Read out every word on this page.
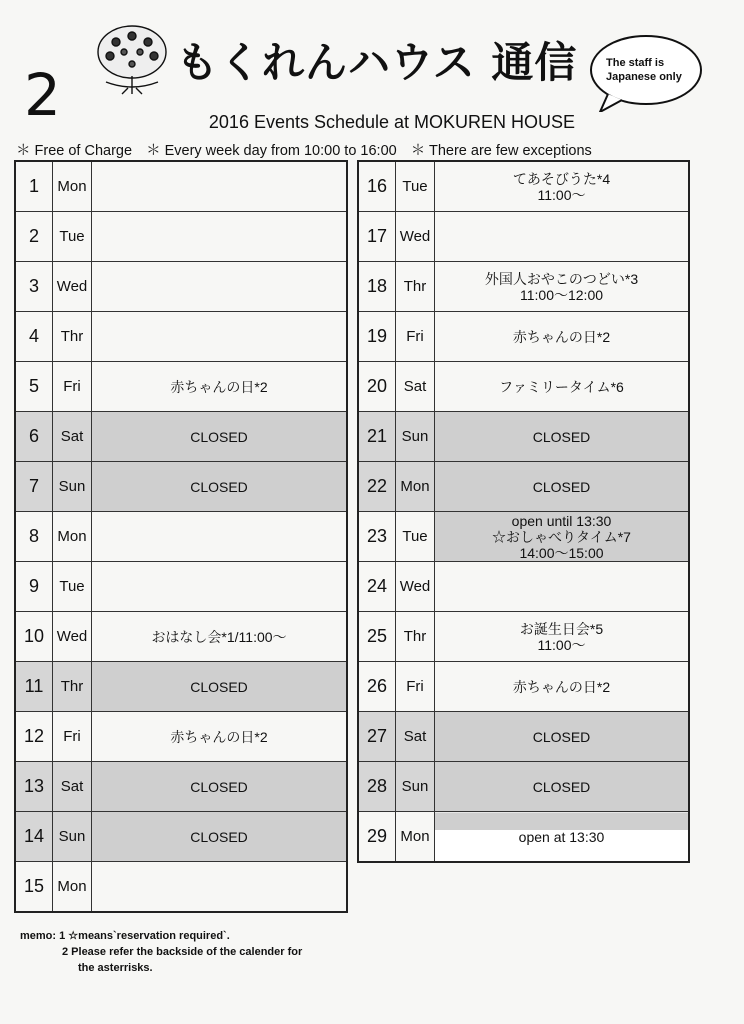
2	もくれんハウス 通信	The staff is Japanese only
2016 Events Schedule at MOKUREN HOUSE
＊ Free of Charge ＊ Every week day from 10:00 to 16:00 ＊ There are few exceptions
1	Mon	
2	Tue	
3	Wed	
4	Thr	
5	Fri	赤ちゃんの日*2
6	Sat	CLOSED
7	Sun	CLOSED
8	Mon	
9	Tue	
10	Wed	おはなし会*1/11:00〜
11	Thr	CLOSED
12	Fri	赤ちゃんの日*2
13	Sat	CLOSED
14	Sun	CLOSED
15	Mon	
16	Tue	てあそびうた*4
11:00〜

17	Wed	
18	Thr	外国人おやこのつどい*3
11:00〜12:00

19	Fri	赤ちゃんの日*2

20	Sat	ファミリータイム*6

21	Sun	CLOSED

22	Mon	CLOSED

23	Tue	open until 13:30
☆おしゃべりタイム*7
14:00〜15:00

24	Wed	
25	Thr	お誕生日会*5
11:00〜

26	Fri	赤ちゃんの日*2

27	Sat	CLOSED

28	Sun	CLOSED

29	Mon	open at 13:30
memo: 1 ☆means`reservation required`.
2 Please refer the backside of the calender for
the asterrisks.
